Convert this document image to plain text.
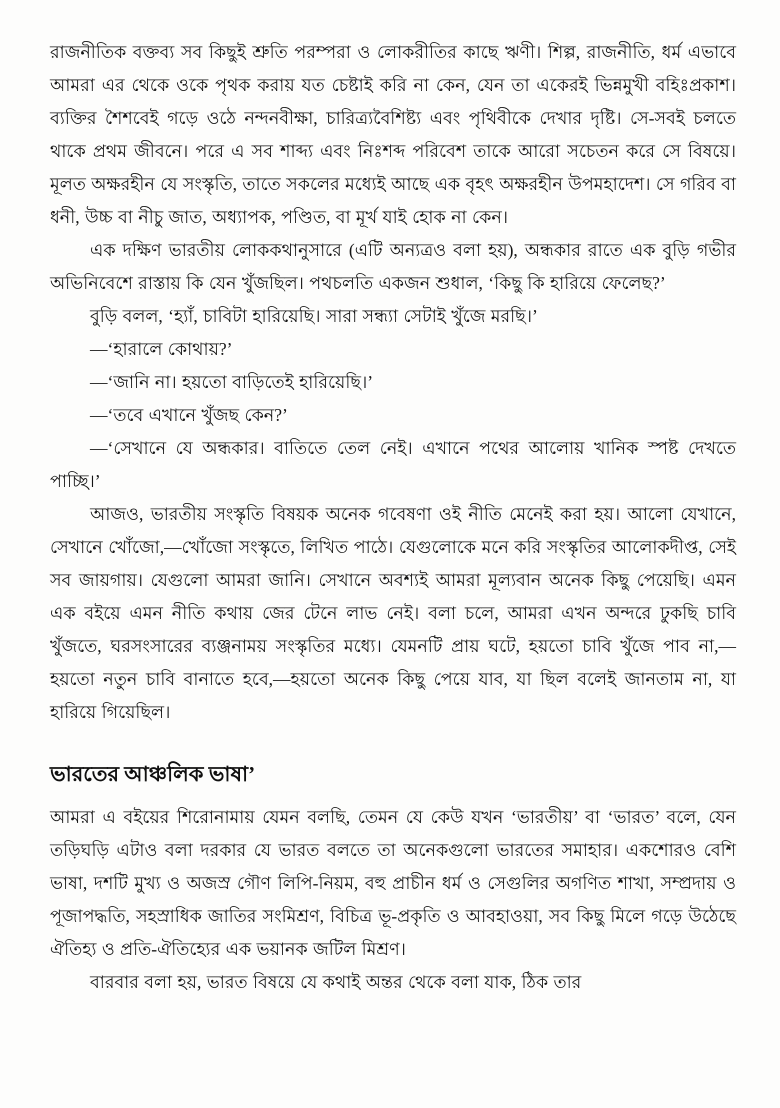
রাজনীতিক বক্তব্য সব কিছুই শ্রুতি পরম্পরা ও লোকরীতির কাছে ঋণী। শিল্প, রাজনীতি, ধর্ম এভাবে আমরা এর থেকে ওকে পৃথক করায় যত চেষ্টাই করি না কেন, যেন তা একেরই ভিন্নমুখী বহিঃপ্রকাশ। ব্যক্তির শৈশবেই গড়ে ওঠে নন্দনবীক্ষা, চারিত্র্যবৈশিষ্ট্য এবং পৃথিবীকে দেখার দৃষ্টি। সে-সবই চলতে থাকে প্রথম জীবনে। পরে এ সব শাব্দ্য এবং নিঃশব্দ পরিবেশ তাকে আরো সচেতন করে সে বিষয়ে। মূলত অক্ষরহীন যে সংস্কৃতি, তাতে সকলের মধ্যেই আছে এক বৃহৎ অক্ষরহীন উপমহাদেশ। সে গরিব বা ধনী, উচ্চ বা নীচু জাত, অধ্যাপক, পণ্ডিত, বা মূর্খ যাই হোক না কেন।

এক দক্ষিণ ভারতীয় লোককথানুসারে (এটি অন্যত্রও বলা হয়), অন্ধকার রাতে এক বুড়ি গভীর অভিনিবেশে রাস্তায় কি যেন খুঁজছিল। পথচলতি একজন শুধাল, ‘কিছু কি হারিয়ে ফেলেছ?’

বুড়ি বলল, ‘হ্যাঁ, চাবিটা হারিয়েছি। সারা সন্ধ্যা সেটাই খুঁজে মরছি।’

—‘হারালে কোথায়?’

—‘জানি না। হয়তো বাড়িতেই হারিয়েছি।’

—‘তবে এখানে খুঁজছ কেন?’

—‘সেখানে যে অন্ধকার। বাতিতে তেল নেই। এখানে পথের আলোয় খানিক স্পষ্ট দেখতে পাচ্ছি।’

আজও, ভারতীয় সংস্কৃতি বিষয়ক অনেক গবেষণা ওই নীতি মেনেই করা হয়। আলো যেখানে, সেখানে খোঁজো,—খোঁজো সংস্কৃতে, লিখিত পাঠে। যেগুলোকে মনে করি সংস্কৃতির আলোকদীপ্ত, সেই সব জায়গায়। যেগুলো আমরা জানি। সেখানে অবশ্যই আমরা মূল্যবান অনেক কিছু পেয়েছি। এমন এক বইয়ে এমন নীতি কথায় জের টেনে লাভ নেই। বলা চলে, আমরা এখন অন্দরে ঢুকছি চাবি খুঁজতে, ঘরসংসারের ব্যঞ্জনাময় সংস্কৃতির মধ্যে। যেমনটি প্রায় ঘটে, হয়তো চাবি খুঁজে পাব না,—হয়তো নতুন চাবি বানাতে হবে,—হয়তো অনেক কিছু পেয়ে যাব, যা ছিল বলেই জানতাম না, যা হারিয়ে গিয়েছিল।

ভারতের আঞ্চলিক ভাষা’

আমরা এ বইয়ের শিরোনামায় যেমন বলছি, তেমন যে কেউ যখন ‘ভারতীয়’ বা ‘ভারত’ বলে, যেন তড়িঘড়ি এটাও বলা দরকার যে ভারত বলতে তা অনেকগুলো ভারতের সমাহার। একশোরও বেশি ভাষা, দশটি মুখ্য ও অজস্র গৌণ লিপি-নিয়ম, বহু প্রাচীন ধর্ম ও সেগুলির অগণিত শাখা, সম্প্রদায় ও পূজাপদ্ধতি, সহস্রাধিক জাতির সংমিশ্রণ, বিচিত্র ভূ-প্রকৃতি ও আবহাওয়া, সব কিছু মিলে গড়ে উঠেছে ঐতিহ্য ও প্রতি-ঐতিহ্যের এক ভয়ানক জটিল মিশ্রণ।

বারবার বলা হয়, ভারত বিষয়ে যে কথাই অন্তর থেকে বলা যাক, ঠিক তার
